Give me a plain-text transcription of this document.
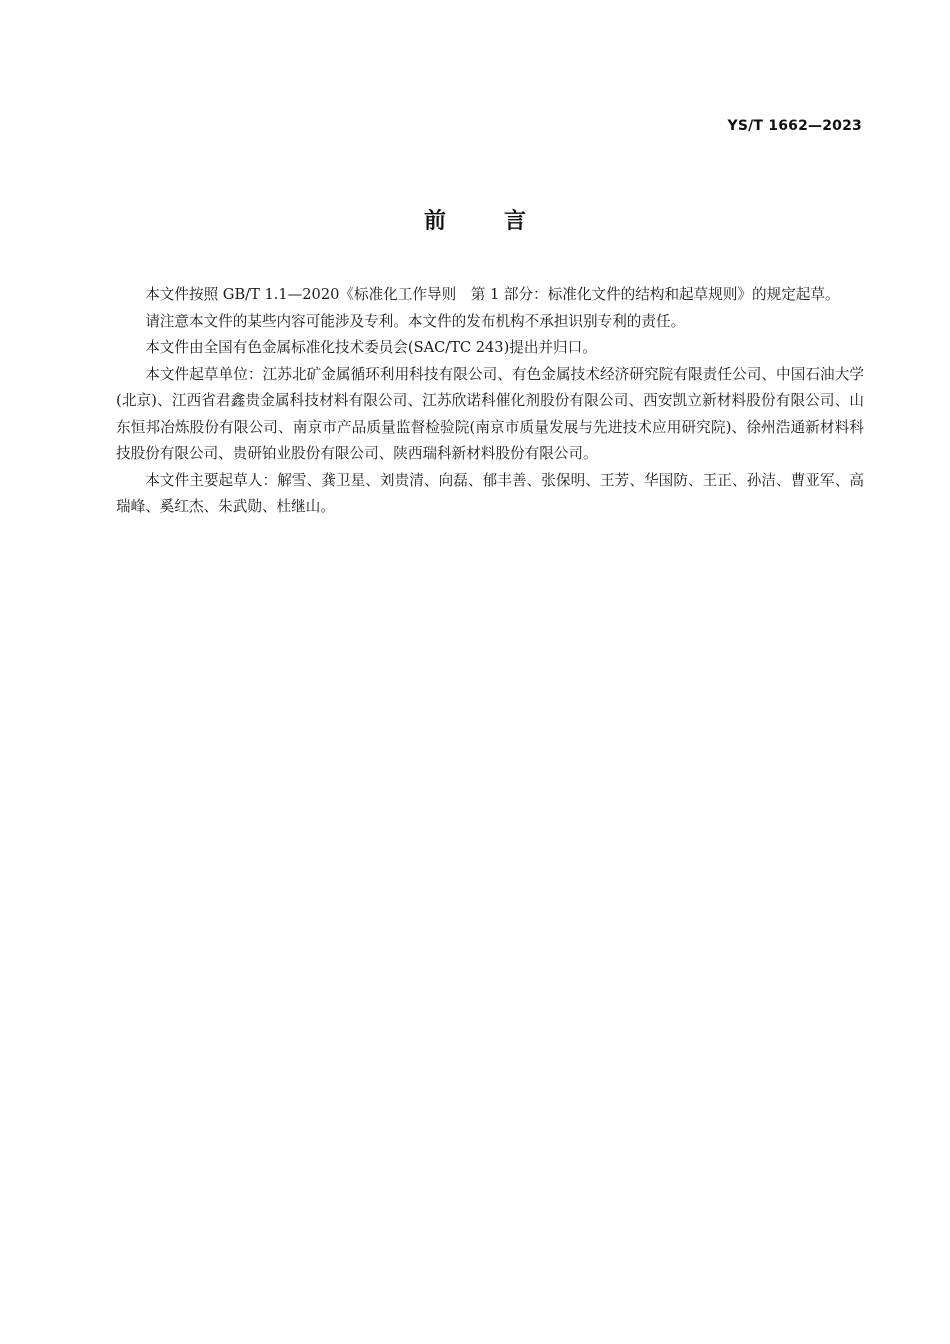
YS/T 1662—2023
前言

本文件按照 GB/T 1.1—2020《标准化工作导则　第 1 部分：标准化文件的结构和起草规则》的规定起草。

请注意本文件的某些内容可能涉及专利。本文件的发布机构不承担识别专利的责任。

本文件由全国有色金属标准化技术委员会(SAC/TC 243)提出并归口。

本文件起草单位：江苏北矿金属循环利用科技有限公司、有色金属技术经济研究院有限责任公司、中国石油大学(北京)、江西省君鑫贵金属科技材料有限公司、江苏欣诺科催化剂股份有限公司、西安凯立新材料股份有限公司、山东恒邦冶炼股份有限公司、南京市产品质量监督检验院(南京市质量发展与先进技术应用研究院)、徐州浩通新材料科技股份有限公司、贵研铂业股份有限公司、陕西瑞科新材料股份有限公司。

本文件主要起草人：解雪、龚卫星、刘贵清、向磊、郁丰善、张保明、王芳、华国防、王正、孙洁、曹亚军、高瑞峰、奚红杰、朱武勋、杜继山。
